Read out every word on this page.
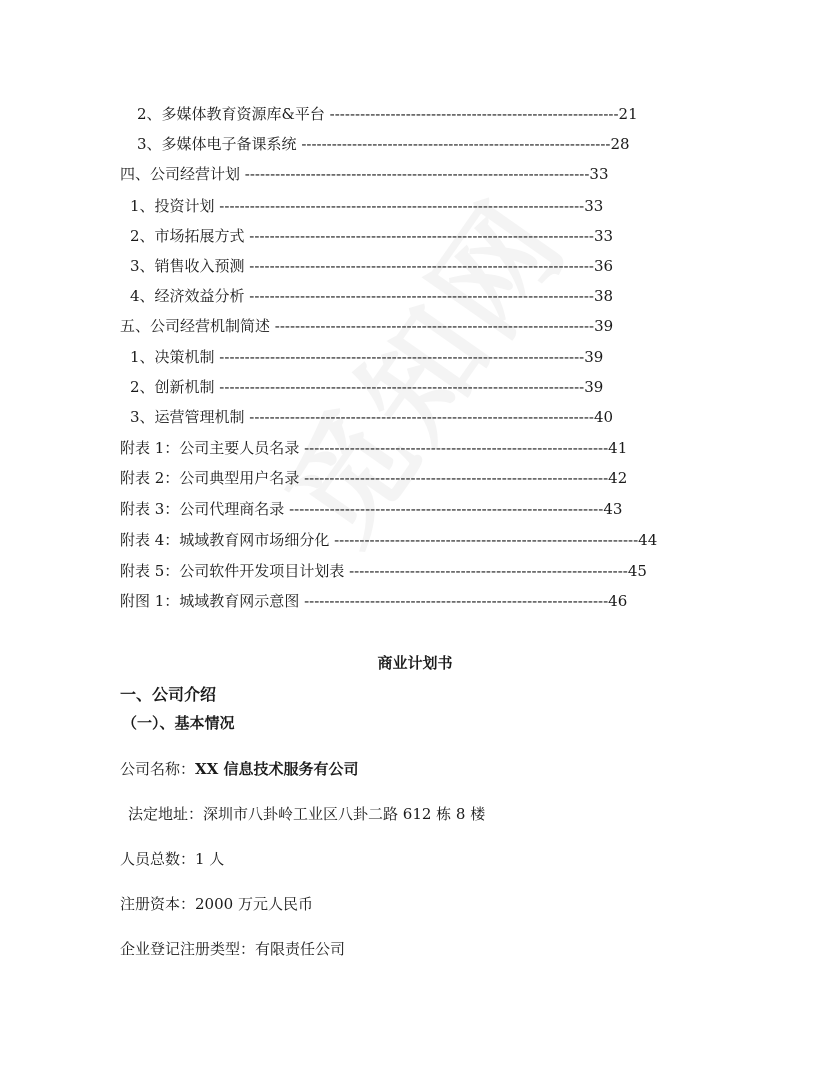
2、多媒体教育资源库&平台 ---------------------------------------------------------21
3、多媒体电子备课系统 -------------------------------------------------------------28
四、公司经营计划 --------------------------------------------------------------------33
1、投资计划 ------------------------------------------------------------------------33
2、市场拓展方式 --------------------------------------------------------------------33
3、销售收入预测 --------------------------------------------------------------------36
4、经济效益分析 --------------------------------------------------------------------38
五、公司经营机制简述 ---------------------------------------------------------------39
1、决策机制 ------------------------------------------------------------------------39
2、创新机制 ------------------------------------------------------------------------39
3、运营管理机制 --------------------------------------------------------------------40
附表 1：公司主要人员名录 ------------------------------------------------------------41
附表 2：公司典型用户名录 ------------------------------------------------------------42
附表 3：公司代理商名录 --------------------------------------------------------------43
附表 4：城域教育网市场细分化 ------------------------------------------------------------44
附表 5：公司软件开发项目计划表 -------------------------------------------------------45
附图 1：城域教育网示意图 ------------------------------------------------------------46
商业计划书
一、公司介绍
（一）、基本情况
公司名称：XX 信息技术服务有公司
法定地址：深圳市八卦岭工业区八卦二路 612 栋 8 楼
人员总数：1 人
注册资本：2000 万元人民币
企业登记注册类型：有限责任公司
